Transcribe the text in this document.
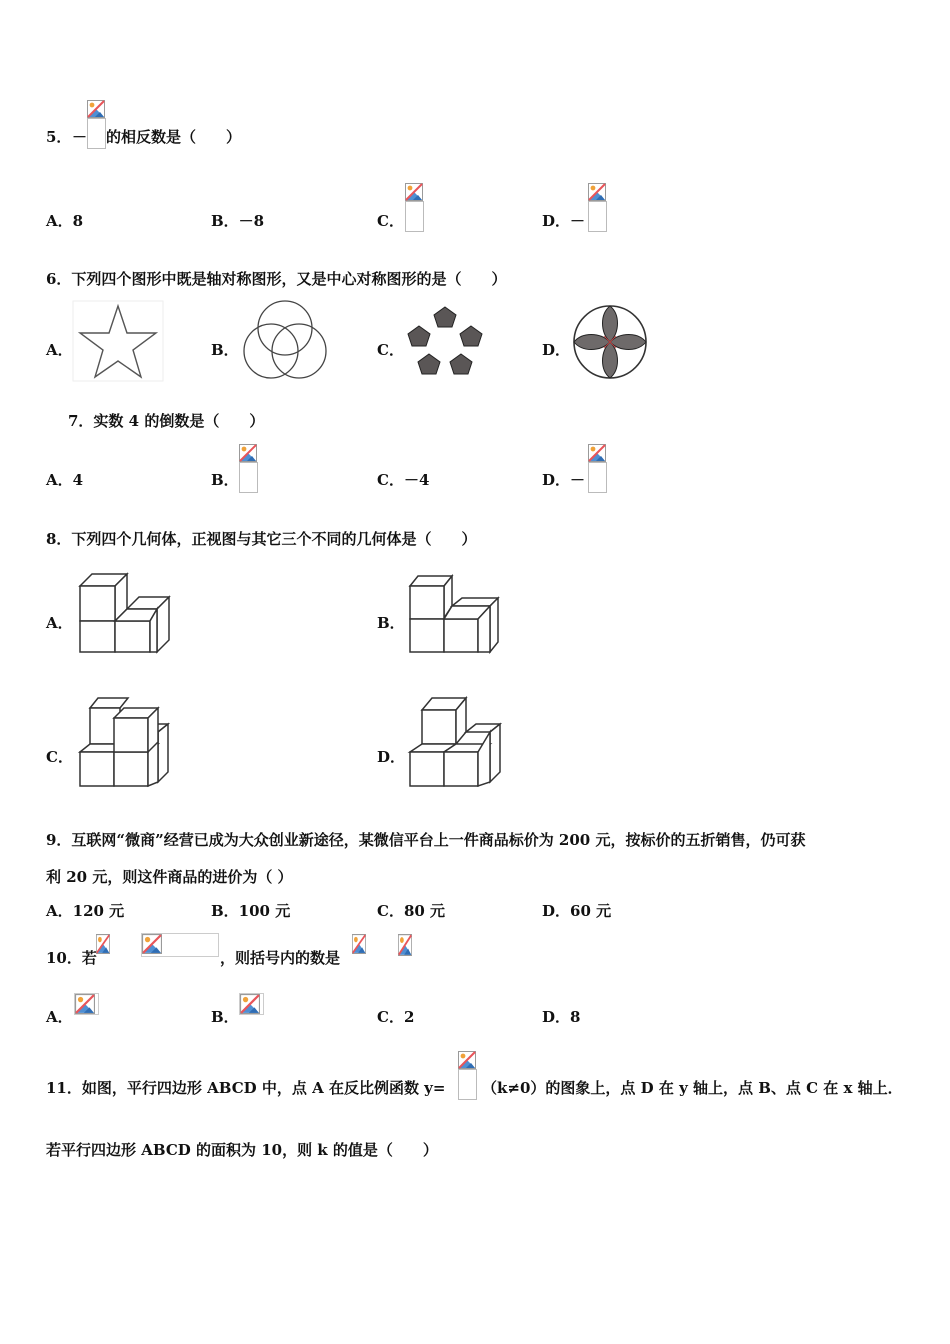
5． － 的相反数是（　　）
A．8	B．－8	C．	D．－
6．下列四个图形中既是轴对称图形，又是中心对称图形的是（　　）
A．	B．	C．	D．
7．实数 4 的倒数是（　　）
A．4	B．	C．－4	D．－
8．下列四个几何体，正视图与其它三个不同的几何体是（　　）
A．	B．
C．	D．
9．互联网“微商”经营已成为大众创业新途径，某微信平台上一件商品标价为 200 元，按标价的五折销售，仍可获
利 20 元，则这件商品的进价为（ ）
A．120 元	B．100 元	C．80 元	D．60 元
10．若	，则括号内的数是
A．	B．	C．2	D．8
11．如图，平行四边形 ABCD 中，点 A 在反比例函数 y= （k≠0）的图象上，点 D 在 y 轴上，点 B、点 C 在 x 轴上．
若平行四边形 ABCD 的面积为 10，则 k 的值是（　　）
